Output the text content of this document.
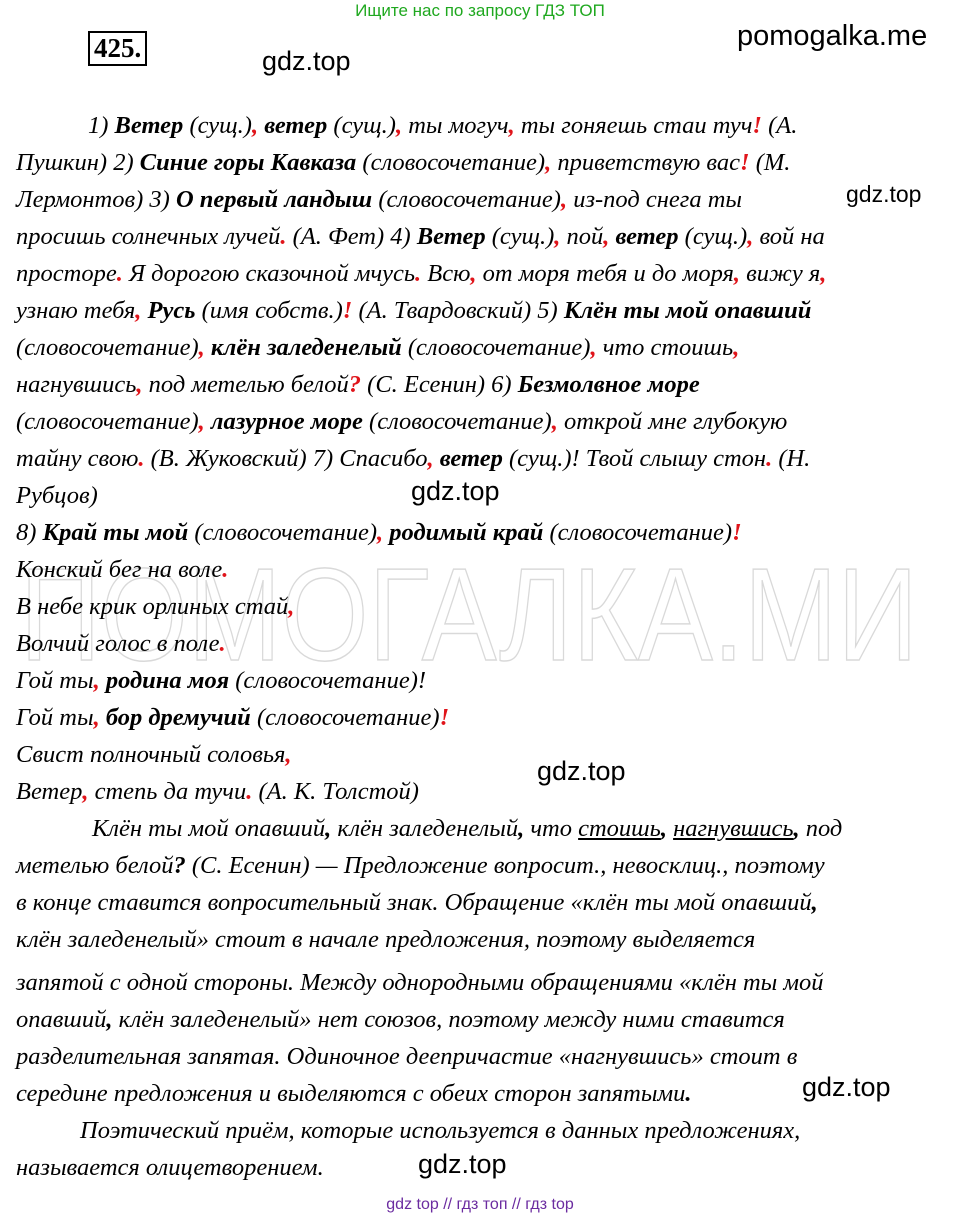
Ищите нас по запросу ГДЗ ТОП
425.	pomogalka.me
gdz.top
gdz.top
gdz.top
gdz.top
gdz.top
gdz.top
ПОМОГАЛКА.МИ
1) Ветер (сущ.), ветер (сущ.), ты могуч, ты гоняешь стаи туч! (А.
Пушкин) 2) Синие горы Кавказа (словосочетание), приветствую вас! (М.
Лермонтов) 3) О первый ландыш (словосочетание), из-под снега ты
просишь солнечных лучей. (А. Фет) 4) Ветер (сущ.), пой, ветер (сущ.), вой на
просторе. Я дорогою сказочной мчусь. Всю, от моря тебя и до моря, вижу я,
узнаю тебя, Русь (имя собств.)! (А. Твардовский) 5) Клён ты мой опавший
(словосочетание), клён заледенелый (словосочетание), что стоишь,
нагнувшись, под метелью белой? (С. Есенин) 6) Безмолвное море
(словосочетание), лазурное море (словосочетание), открой мне глубокую
тайну свою. (В. Жуковский) 7) Спасибо, ветер (сущ.)! Твой слышу стон. (Н.
Рубцов)
8) Край ты мой (словосочетание), родимый край (словосочетание)!
Конский бег на воле.
В небе крик орлиных стай,
Волчий голос в поле.
Гой ты, родина моя (словосочетание)!
Гой ты, бор дремучий (словосочетание)!
Свист полночный соловья,
Ветер, степь да тучи. (А. К. Толстой)
Клён ты мой опавший, клён заледенелый, что стоишь, нагнувшись, под
метелью белой? (С. Есенин) — Предложение вопросит., невосклиц., поэтому
в конце ставится вопросительный знак. Обращение «клён ты мой опавший,
клён заледенелый» стоит в начале предложения, поэтому выделяется
запятой с одной стороны. Между однородными обращениями «клён ты мой
опавший, клён заледенелый» нет союзов, поэтому между ними ставится
разделительная запятая. Одиночное деепричастие «нагнувшись» стоит в
середине предложения и выделяются с обеих сторон запятыми.
Поэтический приём, которые используется в данных предложениях,
называется олицетворением.
gdz top // гдз топ // гдз top
